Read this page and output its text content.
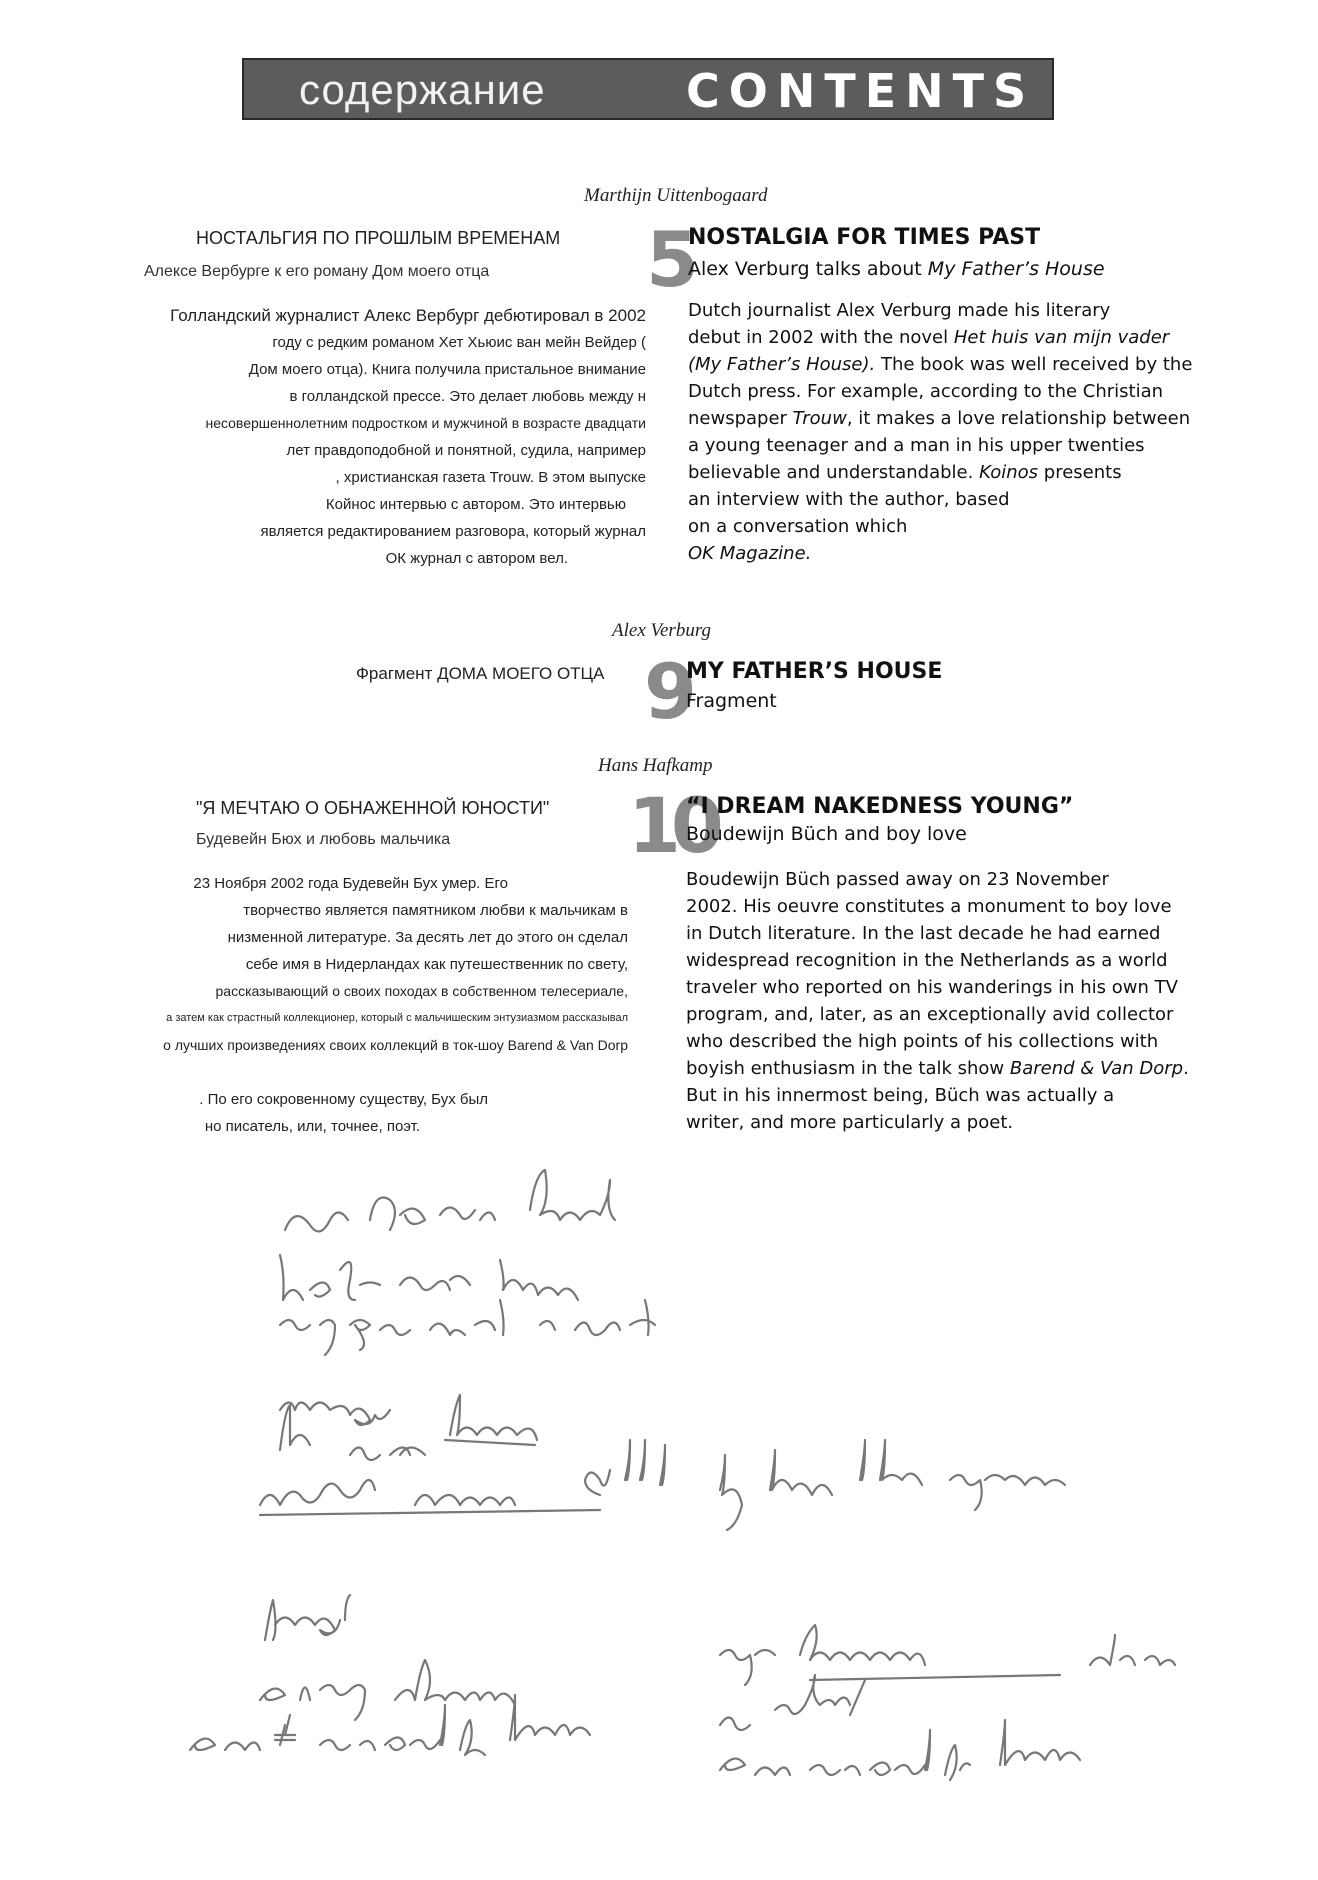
содержание	CONTENTS
Marthijn Uittenbogaard
НОСТАЛЬГИЯ ПО ПРОШЛЫМ ВРЕМЕНАМ
Алексе Вербурге к его роману Дом моего отца
Голландский журналист Алекс Вербург дебютировал в 2002
году с редким романом Хет Хьюис ван мейн Вейдер (
Дом моего отца). Книга получила пристальное внимание
в голландской прессе. Это делает любовь между н
несовершеннолетним подростком и мужчиной в возрасте двадцати
лет правдоподобной и понятной, судила, например
, христианская газета Trouw. В этом выпуске
Койнос интервью с автором. Это интервью
является редактированием разговора, который журнал
ОК журнал с автором вел.
5
NOSTALGIA FOR TIMES PAST
Alex Verburg talks about My Father’s House
Dutch journalist Alex Verburg made his literary
debut in 2002 with the novel Het huis van mijn vader
(My Father’s House). The book was well received by the
Dutch press. For example, according to the Christian
newspaper Trouw, it makes a love relationship between
a young teenager and a man in his upper twenties
believable and understandable. Koinos presents
an interview with the author, based
on a conversation which
OK Magazine.
Alex Verburg
Фрагмент ДОМА МОЕГО ОТЦА 9
MY FATHER’S HOUSE
Fragment
Hans Hafkamp
"Я МЕЧТАЮ О ОБНАЖЕННОЙ ЮНОСТИ"
Будевейн Бюх и любовь мальчика
23 Ноября 2002 года Будевейн Бух умер. Его
творчество является памятником любви к мальчикам в
низменной литературе. За десять лет до этого он сделал
себе имя в Нидерландах как путешественник по свету,
рассказывающий о своих походах в собственном телесериале,
а затем как страстный коллекционер, который с мальчишеским энтузиазмом рассказывал
о лучших произведениях своих коллекций в ток-шоу Barend & Van Dorp
. По его сокровенному существу, Бух был
но писатель, или, точнее, поэт.
10
“I DREAM NAKEDNESS YOUNG”
Boudewijn Büch and boy love
Boudewijn Büch passed away on 23 November
2002. His oeuvre constitutes a monument to boy love
in Dutch literature. In the last decade he had earned
widespread recognition in the Netherlands as a world
traveler who reported on his wanderings in his own TV
program, and, later, as an exceptionally avid collector
who described the high points of his collections with
boyish enthusiasm in the talk show Barend & Van Dorp.
But in his innermost being, Büch was actually a
writer, and more particularly a poet.
